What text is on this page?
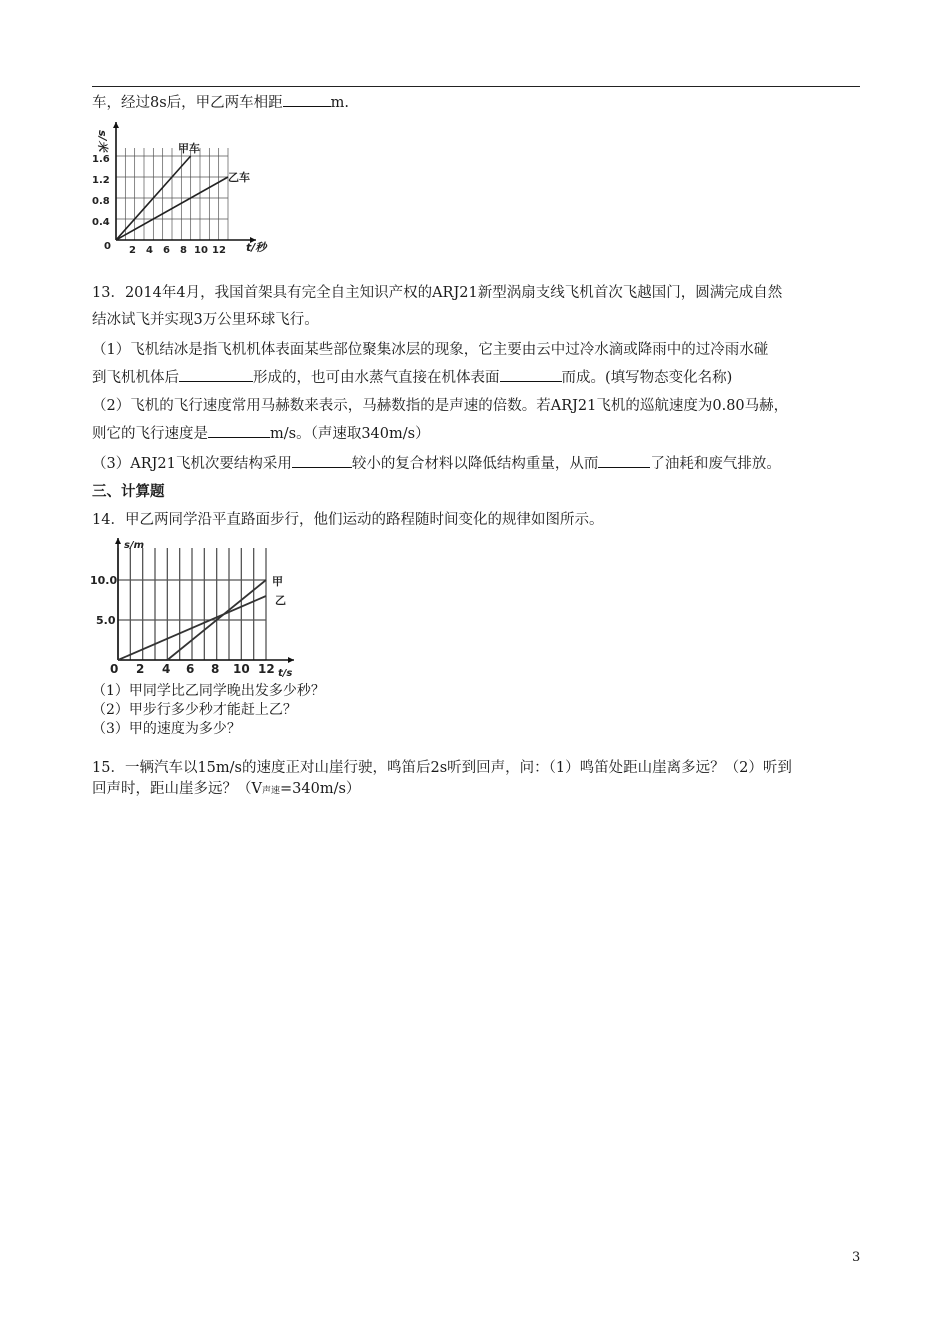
车，经过8s后，甲乙两车相距	m.
s/米
t/秒
1.6
1.2
0.8
0.4
0 2 4 6 8 10 12
甲车
乙车
13．2014年4月，我国首架具有完全自主知识产权的ARJ21新型涡扇支线飞机首次飞越国门，圆满完成自然
结冰试飞并实现3万公里环球飞行。
（1）飞机结冰是指飞机机体表面某些部位聚集冰层的现象，它主要由云中过冷水滴或降雨中的过冷雨水碰
到飞机机体后	形成的，也可由水蒸气直接在机体表面	而成。(填写物态变化名称)
（2）飞机的飞行速度常用马赫数来表示，马赫数指的是声速的倍数。若ARJ21飞机的巡航速度为0.80马赫，
则它的飞行速度是	m/s。（声速取340m/s）
（3）ARJ21飞机次要结构采用	较小的复合材料以降低结构重量，从而	了油耗和废气排放。
三、计算题
14．甲乙两同学沿平直路面步行，他们运动的路程随时间变化的规律如图所示。
s/m
t/s
10.0
5.0
0 2 4 6 8 10 12
甲
乙
（1）甲同学比乙同学晚出发多少秒？
（2）甲步行多少秒才能赶上乙？
（3）甲的速度为多少？
15．一辆汽车以15m/s的速度正对山崖行驶，鸣笛后2s听到回声，问：（1）鸣笛处距山崖离多远？（2）听到
回声时，距山崖多远？（V声速=340m/s）
3
